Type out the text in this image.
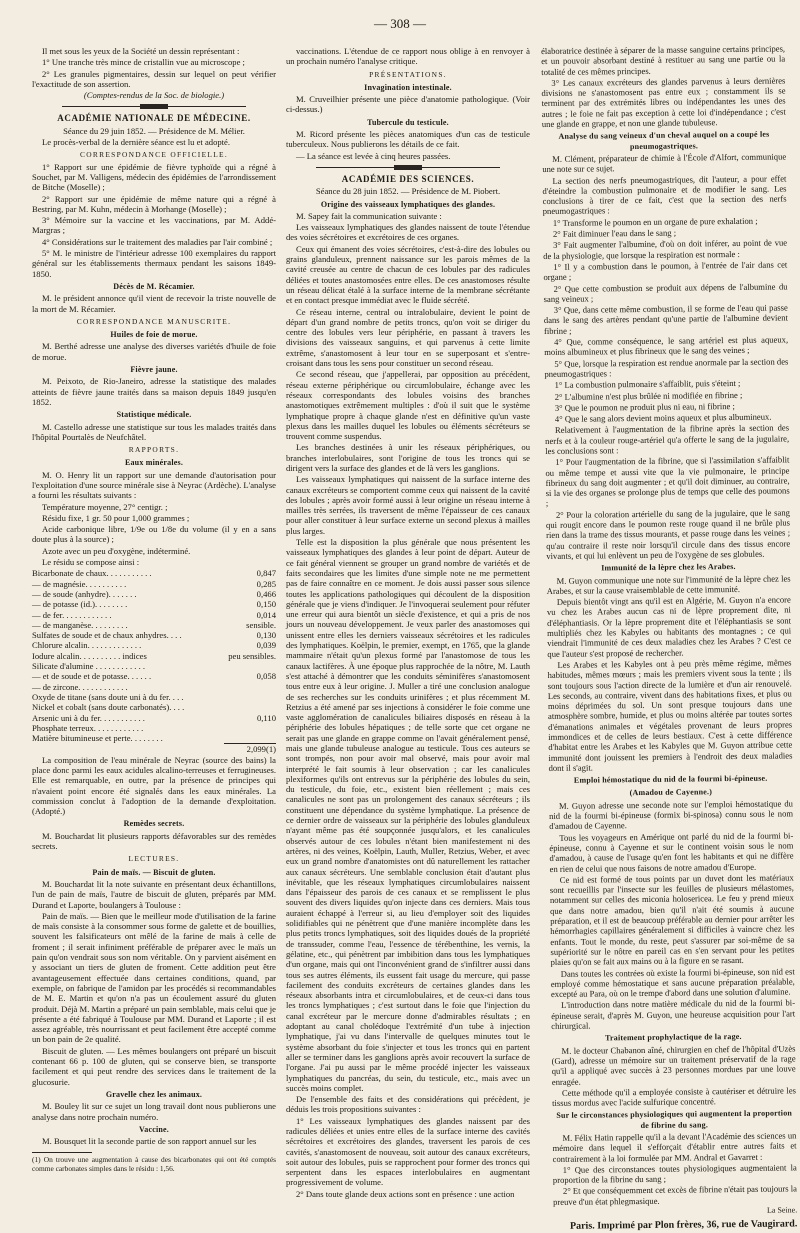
— 308 —

Il met sous les yeux de la Société un dessin représentant :

1° Une tranche très mince de cristallin vue au microscope ;

2° Les granules pigmentaires, dessin sur lequel on peut vérifier l'exactitude de son assertion.

(Comptes-rendus de la Soc. de biologie.)

ACADÉMIE NATIONALE DE MÉDECINE.

Séance du 29 juin 1852. — Présidence de M. Mélier.

Le procès-verbal de la dernière séance est lu et adopté.

CORRESPONDANCE OFFICIELLE.

1° Rapport sur une épidémie de fièvre typhoïde qui a régné à Souchet, par M. Valligens, médecin des épidémies de l'arrondissement de Bitche (Moselle) ;

2° Rapport sur une épidémie de même nature qui a régné à Bestring, par M. Kuhn, médecin à Morhange (Moselle) ;

3° Mémoire sur la vaccine et les vaccinations, par M. Addé-Margras ;

4° Considérations sur le traitement des maladies par l'air combiné ;

5° M. le ministre de l'intérieur adresse 100 exemplaires du rapport général sur les établissements thermaux pendant les saisons 1849-1850.

Décès de M. Récamier.

M. le président annonce qu'il vient de recevoir la triste nouvelle de la mort de M. Récamier.

CORRESPONDANCE MANUSCRITE.
Huiles de foie de morue.

M. Berthé adresse une analyse des diverses variétés d'huile de foie de morue.

Fièvre jaune.

M. Peixoto, de Rio-Janeiro, adresse la statistique des malades atteints de fièvre jaune traités dans sa maison depuis 1849 jusqu'en 1852.

Statistique médicale.

M. Castello adresse une statistique sur tous les malades traités dans l'hôpital Pourtalès de Neufchâtel.

RAPPORTS.
Eaux minérales.

M. O. Henry lit un rapport sur une demande d'autorisation pour l'exploitation d'une source minérale sise à Neyrac (Ardèche). L'analyse a fourni les résultats suivants :

Température moyenne, 27° centigr. ;

Résidu fixe, 1 gr. 50 pour 1,000 grammes ;

Acide carbonique libre, 1/9e ou 1/8e du volume (il y en a sans doute plus à la source) ;

Azote avec un peu d'oxygène, indéterminé.

Le résidu se compose ainsi :

Bicarbonate de chaux. . . . . . . . . . .	0,847
— de magnésie. . . . . . . . . .	0,285
— de soude (anhydre). . . . . . .	0,466
— de potasse (id.). . . . . . . .	0,150
— de fer. . . . . . . . . . . .	0,014
— de manganèse. . . . . . . . .	sensible.
Sulfates de soude et de chaux anhydres. . . .	0,130
Chlorure alcalin. . . . . . . . . . . . .	0,039
Iodure alcalin. . . . . . . . . . indices	peu sensibles.
Silicate d'alumine . . . . . . . . . . . .
— et de soude et de potasse. . . . . .	0,058
— de zircone. . . . . . . . . . . .
Oxyde de titane (sans doute uni à du fer. . . .
Nickel et cobalt (sans doute carbonatés). . . .
Arsenic uni à du fer. . . . . . . . . . .	0,110
Phosphate terreux. . . . . . . . . . . .
Matière bitumineuse et perte. . . . . . . .
2,099(1)

La composition de l'eau minérale de Neyrac (source des bains) la place donc parmi les eaux acidules alcalino-terreuses et ferrugineuses. Elle est remarquable, en outre, par la présence de principes qui n'avaient point encore été signalés dans les eaux minérales. La commission conclut à l'adoption de la demande d'exploitation. (Adopté.)

Remèdes secrets.

M. Bouchardat lit plusieurs rapports défavorables sur des remèdes secrets.

LECTURES.
Pain de maïs. — Biscuit de gluten.

M. Bouchardat lit la note suivante en présentant deux échantillons, l'un de pain de maïs, l'autre de biscuit de gluten, préparés par MM. Durand et Laporte, boulangers à Toulouse :

Pain de maïs. — Bien que le meilleur mode d'utilisation de la farine de maïs consiste à la consommer sous forme de galette et de bouillies, souvent les falsificateurs ont mêlé de la farine de maïs à celle de froment ; il serait infiniment préférable de préparer avec le maïs un pain qu'on vendrait sous son nom véritable. On y parvient aisément en y associant un tiers de gluten de froment. Cette addition peut être avantageusement effectuée dans certaines conditions, quand, par exemple, on fabrique de l'amidon par les procédés si recommandables de M. E. Martin et qu'on n'a pas un écoulement assuré du gluten produit. Déjà M. Martin a préparé un pain semblable, mais celui que je présente a été fabriqué à Toulouse par MM. Durand et Laporte ; il est assez agréable, très nourrissant et peut facilement être accepté comme un bon pain de 2e qualité.

Biscuit de gluten. — Les mêmes boulangers ont préparé un biscuit contenant 66 p. 100 de gluten, qui se conserve bien, se transporte facilement et qui peut rendre des services dans le traitement de la glucosurie.

Gravelle chez les animaux.

M. Bouley lit sur ce sujet un long travail dont nous publierons une analyse dans notre prochain numéro.

Vaccine.

M. Bousquet lit la seconde partie de son rapport annuel sur les

(1) On trouve une augmentation à cause des bicarbonates qui ont été comptés comme carbonates simples dans le résidu : 1,56.

vaccinations. L'étendue de ce rapport nous oblige à en renvoyer à un prochain numéro l'analyse critique.

PRÉSENTATIONS.
Invagination intestinale.

M. Cruveilhier présente une pièce d'anatomie pathologique. (Voir ci-dessus.)

Tubercule du testicule.

M. Ricord présente les pièces anatomiques d'un cas de testicule tuberculeux. Nous publierons les détails de ce fait.

— La séance est levée à cinq heures passées.

ACADÉMIE DES SCIENCES.

Séance du 28 juin 1852. — Présidence de M. Piobert.

Origine des vaisseaux lymphatiques des glandes.

M. Sapey fait la communication suivante :

Les vaisseaux lymphatiques des glandes naissent de toute l'étendue des voies sécrétoires et excrétoires de ces organes.

Ceux qui émanent des voies sécrétoires, c'est-à-dire des lobules ou grains glanduleux, prennent naissance sur les parois mêmes de la cavité creusée au centre de chacun de ces lobules par des radicules déliées et toutes anastomosées entre elles. De ces anastomoses résulte un réseau délicat étalé à la surface interne de la membrane sécrétante et en contact presque immédiat avec le fluide sécrété.

Ce réseau interne, central ou intralobulaire, devient le point de départ d'un grand nombre de petits troncs, qu'on voit se diriger du centre des lobules vers leur périphérie, en passant à travers les divisions des vaisseaux sanguins, et qui parvenus à cette limite extrême, s'anastomosent à leur tour en se superposant et s'entre-croisant dans tous les sens pour constituer un second réseau.

Ce second réseau, que j'appellerai, par opposition au précédent, réseau externe périphérique ou circumlobulaire, échange avec les réseaux correspondants des lobules voisins des branches anastomotiques extrêmement multiples : d'où il suit que le système lymphatique propre à chaque glande n'est en définitive qu'un vaste plexus dans les mailles duquel les lobules ou éléments sécréteurs se trouvent comme suspendus.

Les branches destinées à unir les réseaux périphériques, ou branches interlobulaires, sont l'origine de tous les troncs qui se dirigent vers la surface des glandes et de là vers les ganglions.

Les vaisseaux lymphatiques qui naissent de la surface interne des canaux excréteurs se comportent comme ceux qui naissent de la cavité des lobules ; après avoir formé aussi à leur origine un réseau interne à mailles très serrées, ils traversent de même l'épaisseur de ces canaux pour aller constituer à leur surface externe un second plexus à mailles plus larges.

Telle est la disposition la plus générale que nous présentent les vaisseaux lymphatiques des glandes à leur point de départ. Auteur de ce fait général viennent se grouper un grand nombre de variétés et de faits secondaires que les limites d'une simple note ne me permettent pas de faire connaître en ce moment. Je dois aussi passer sous silence toutes les applications pathologiques qui découlent de la disposition générale que je viens d'indiquer. Je l'invoquerai seulement pour réfuter une erreur qui aura bientôt un siècle d'existence, et qui a pris de nos jours un nouveau développement. Je veux parler des anastomoses qui unissent entre elles les derniers vaisseaux sécrétoires et les radicules des lymphatiques. Koëlpin, le premier, exempt, en 1765, que la glande mammaire n'était qu'un plexus formé par l'anastomose de tous les canaux lactifères. À une époque plus rapprochée de la nôtre, M. Lauth s'est attaché à démontrer que les conduits séminifères s'anastomosent tous entre eux à leur origine. J. Muller a tiré une conclusion analogue de ses recherches sur les conduits urinifères ; et plus récemment M. Retzius a été amené par ses injections à considérer le foie comme une vaste agglomération de canalicules biliaires disposés en réseau à la périphérie des lobules hépatiques ; de telle sorte que cet organe ne serait pas une glande en grappe comme on l'avait généralement pensé, mais une glande tubuleuse analogue au testicule. Tous ces auteurs se sont trompés, non pour avoir mal observé, mais pour avoir mal interprété le fait soumis à leur observation ; car les canalicules plexiformes qu'ils ont entrevus sur la périphérie des lobules du sein, du testicule, du foie, etc., existent bien réellement ; mais ces canalicules ne sont pas un prolongement des canaux sécréteurs ; ils constituent une dépendance du système lymphatique. La présence de ce dernier ordre de vaisseaux sur la périphérie des lobules glanduleux n'ayant même pas été soupçonnée jusqu'alors, et les canalicules observés autour de ces lobules n'étant bien manifestement ni des artères, ni des veines, Koëlpin, Lauth, Muller, Retzius, Weber, et avec eux un grand nombre d'anatomistes ont dû naturellement les rattacher aux canaux sécréteurs. Une semblable conclusion était d'autant plus inévitable, que les réseaux lymphatiques circumlobulaires naissent dans l'épaisseur des parois de ces canaux et se remplissent le plus souvent des divers liquides qu'on injecte dans ces derniers. Mais tous auraient échappé à l'erreur si, au lieu d'employer soit des liquides solidifiables qui ne pénètrent que d'une manière incomplète dans les plus petits troncs lymphatiques, soit des liquides doués de la propriété de transsuder, comme l'eau, l'essence de térébenthine, les vernis, la gélatine, etc., qui pénètrent par imbibition dans tous les lymphatiques d'un organe, mais qui ont l'inconvénient grand de s'infiltrer aussi dans tous ses autres éléments, ils eussent fait usage du mercure, qui passe facilement des conduits excréteurs de certaines glandes dans les réseaux absorbants intra et circumlobulaires, et de ceux-ci dans tous les troncs lymphatiques ; c'est surtout dans le foie que l'injection du canal excréteur par le mercure donne d'admirables résultats ; en adoptant au canal cholédoque l'extrémité d'un tube à injection lymphatique, j'ai vu dans l'intervalle de quelques minutes tout le système absorbant du foie s'injecter et tous les troncs qui en partent aller se terminer dans les ganglions après avoir recouvert la surface de l'organe. J'ai pu aussi par le même procédé injecter les vaisseaux lymphatiques du pancréas, du sein, du testicule, etc., mais avec un succès moins complet.

De l'ensemble des faits et des considérations qui précèdent, je déduis les trois propositions suivantes :

1° Les vaisseaux lymphatiques des glandes naissent par des radicules déliées et unies entre elles de la surface interne des cavités sécrétoires et excrétoires des glandes, traversent les parois de ces cavités, s'anastomosent de nouveau, soit autour des canaux excréteurs, soit autour des lobules, puis se rapprochent pour former des troncs qui serpentent dans les espaces interlobulaires en augmentant progressivement de volume.

2° Dans toute glande deux actions sont en présence : une action

élaboratrice destinée à séparer de la masse sanguine certains principes, et un pouvoir absorbant destiné à restituer au sang une partie ou la totalité de ces mêmes principes.

3° Les canaux excréteurs des glandes parvenus à leurs dernières divisions ne s'anastomosent pas entre eux ; constamment ils se terminent par des extrémités libres ou indépendantes les unes des autres ; le foie ne fait pas exception à cette loi d'indépendance ; c'est une glande en grappe, et non une glande tubuleuse.

Analyse du sang veineux d'un cheval auquel on a coupé les pneumogastriques.

M. Clément, préparateur de chimie à l'École d'Alfort, communique une note sur ce sujet.

La section des nerfs pneumogastriques, dit l'auteur, a pour effet d'éteindre la combustion pulmonaire et de modifier le sang. Les conclusions à tirer de ce fait, c'est que la section des nerfs pneumogastriques :

1° Transforme le poumon en un organe de pure exhalation ;

2° Fait diminuer l'eau dans le sang ;

3° Fait augmenter l'albumine, d'où on doit inférer, au point de vue de la physiologie, que lorsque la respiration est normale :

1° Il y a combustion dans le poumon, à l'entrée de l'air dans cet organe ;

2° Que cette combustion se produit aux dépens de l'albumine du sang veineux ;

3° Que, dans cette même combustion, il se forme de l'eau qui passe dans le sang des artères pendant qu'une partie de l'albumine devient fibrine ;

4° Que, comme conséquence, le sang artériel est plus aqueux, moins albumineux et plus fibrineux que le sang des veines ;

5° Que, lorsque la respiration est rendue anormale par la section des pneumogastriques :

1° La combustion pulmonaire s'affaiblit, puis s'éteint ;

2° L'albumine n'est plus brûlée ni modifiée en fibrine ;

3° Que le poumon ne produit plus ni eau, ni fibrine ;

4° Que le sang alors devient moins aqueux et plus albumineux.

Relativement à l'augmentation de la fibrine après la section des nerfs et à la couleur rouge-artériel qu'a offerte le sang de la jugulaire, les conclusions sont :

1° Pour l'augmentation de la fibrine, que si l'assimilation s'affaiblit ou même tempe et aussi vite que la vie pulmonaire, le principe fibrineux du sang doit augmenter ; et qu'il doit diminuer, au contraire, si la vie des organes se prolonge plus de temps que celle des poumons ;

2° Pour la coloration artérielle du sang de la jugulaire, que le sang qui rougit encore dans le poumon reste rouge quand il ne brûle plus rien dans la trame des tissus mourants, et passe rouge dans les veines ; qu'au contraire il reste noir lorsqu'il circule dans des tissus encore vivants, et qui lui enlèvent un peu de l'oxygène de ses globules.

Immunité de la lèpre chez les Arabes.

M. Guyon communique une note sur l'immunité de la lèpre chez les Arabes, et sur la cause vraisemblable de cette immunité.

Depuis bientôt vingt ans qu'il est en Algérie, M. Guyon n'a encore vu chez les Arabes aucun cas ni de lèpre proprement dite, ni d'éléphantiasis. Or la lèpre proprement dite et l'éléphantiasis se sont multipliés chez les Kabyles ou habitants des montagnes ; ce qui viendrait l'immunité de ces deux maladies chez les Arabes ? C'est ce que l'auteur s'est proposé de rechercher.

Les Arabes et les Kabyles ont à peu près même régime, mêmes habitudes, mêmes mœurs ; mais les premiers vivent sous la tente ; ils sont toujours sous l'action directe de la lumière et d'un air renouvelé. Les seconds, au contraire, vivent dans des habitations fixes, et plus ou moins déprimées du sol. Un sont presque toujours dans une atmosphère sombre, humide, et plus ou moins altérée par toutes sortes d'émanations animales et végétales provenant de leurs propres immondices et de celles de leurs bestiaux. C'est à cette différence d'habitat entre les Arabes et les Kabyles que M. Guyon attribue cette immunité dont jouissent les premiers à l'endroit des deux maladies dont il s'agit.

Emploi hémostatique du nid de la fourmi bi-épineuse.
(Amadou de Cayenne.)

M. Guyon adresse une seconde note sur l'emploi hémostatique du nid de la fourmi bi-épineuse (formix bi-spinosa) connu sous le nom d'amadou de Cayenne.

Tous les voyageurs en Amérique ont parlé du nid de la fourmi bi-épineuse, connu à Cayenne et sur le continent voisin sous le nom d'amadou, à cause de l'usage qu'en font les habitants et qui ne diffère en rien de celui que nous faisons de notre amadou d'Europe.

Ce nid est formé de tous points par un duvet dont les matériaux sont recueillis par l'insecte sur les feuilles de plusieurs mélastomes, notamment sur celles des miconia holosericea. Le feu y prend mieux que dans notre amadou, bien qu'il n'ait été soumis à aucune préparation, et il est de beaucoup préférable au dernier pour arrêter les hémorrhagies capillaires généralement si difficiles à vaincre chez les enfants. Tout le monde, du reste, peut s'assurer par soi-même de sa supériorité sur le nôtre en pareil cas en s'en servant pour les petites plaies qu'on se fait aux mains ou à la figure en se rasant.

Dans toutes les contrées où existe la fourmi bi-épineuse, son nid est employé comme hémostatique et sans aucune préparation préalable, excepté au Para, où on le trempe d'abord dans une solution d'alumine.

L'introduction dans notre matière médicale du nid de la fourmi bi-épineuse serait, d'après M. Guyon, une heureuse acquisition pour l'art chirurgical.

Traitement prophylactique de la rage.

M. le docteur Chabanon aîné, chirurgien en chef de l'hôpital d'Uzès (Gard), adresse un mémoire sur un traitement préservatif de la rage qu'il a appliqué avec succès à 23 personnes mordues par une louve enragée.

Cette méthode qu'il a employée consiste à cautériser et détruire les tissus mordus avec l'acide sulfurique concentré.

Sur le circonstances physiologiques qui augmentent la proportion de fibrine du sang.

M. Félix Hatin rappelle qu'il a la devant l'Académie des sciences un mémoire dans lequel il s'efforçait d'établir entre autres faits et contrairement à la loi formulée par MM. Andral et Gavarret :

1° Que des circonstances toutes physiologiques augmentaient la proportion de la fibrine du sang ;

2° Et que conséquemment cet excès de fibrine n'était pas toujours la preuve d'un état phlegmasique.

La Seine.
Paris. Imprimé par Plon frères, 36, rue de Vaugirard.
